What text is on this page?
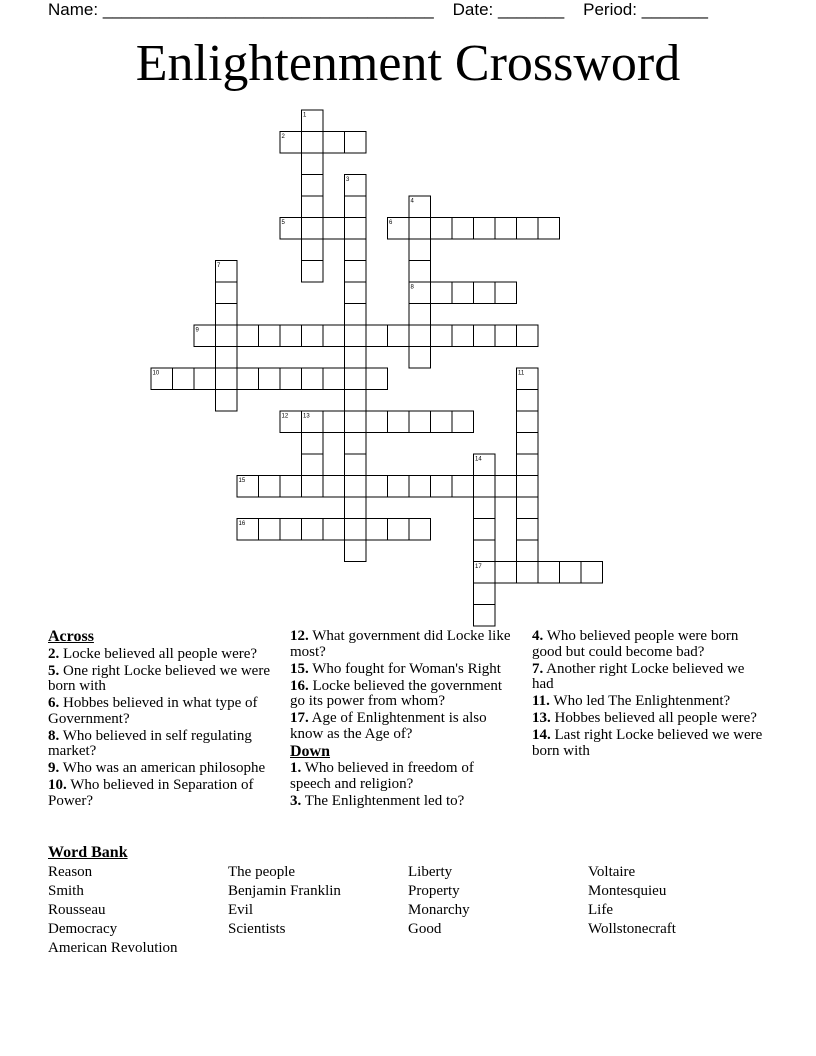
Name: ___________________________________ Date: _______ Period: _______
Enlightenment Crossword
1
2
3
4
5	6
7
8
9
10	11
12 13
14
15
16
17
Across
2. Locke believed all people were?
5. One right Locke believed we were born with
6. Hobbes believed in what type of Government?
8. Who believed in self regulating market?
9. Who was an american philosophe
10. Who believed in Separation of Power?
12. What government did Locke like most?
15. Who fought for Woman's Right
16. Locke believed the government go its power from whom?
17. Age of Enlightenment is also know as the Age of?
Down
1. Who believed in freedom of speech and religion?
3. The Enlightenment led to?
4. Who believed people were born good but could become bad?
7. Another right Locke believed we had
11. Who led The Enlightenment?
13. Hobbes believed all people were?
14. Last right Locke believed we were born with
Word Bank
Reason
Smith
Rousseau
Democracy
American Revolution
The people
Benjamin Franklin
Evil
Scientists
Liberty
Property
Monarchy
Good
Voltaire
Montesquieu
Life
Wollstonecraft
